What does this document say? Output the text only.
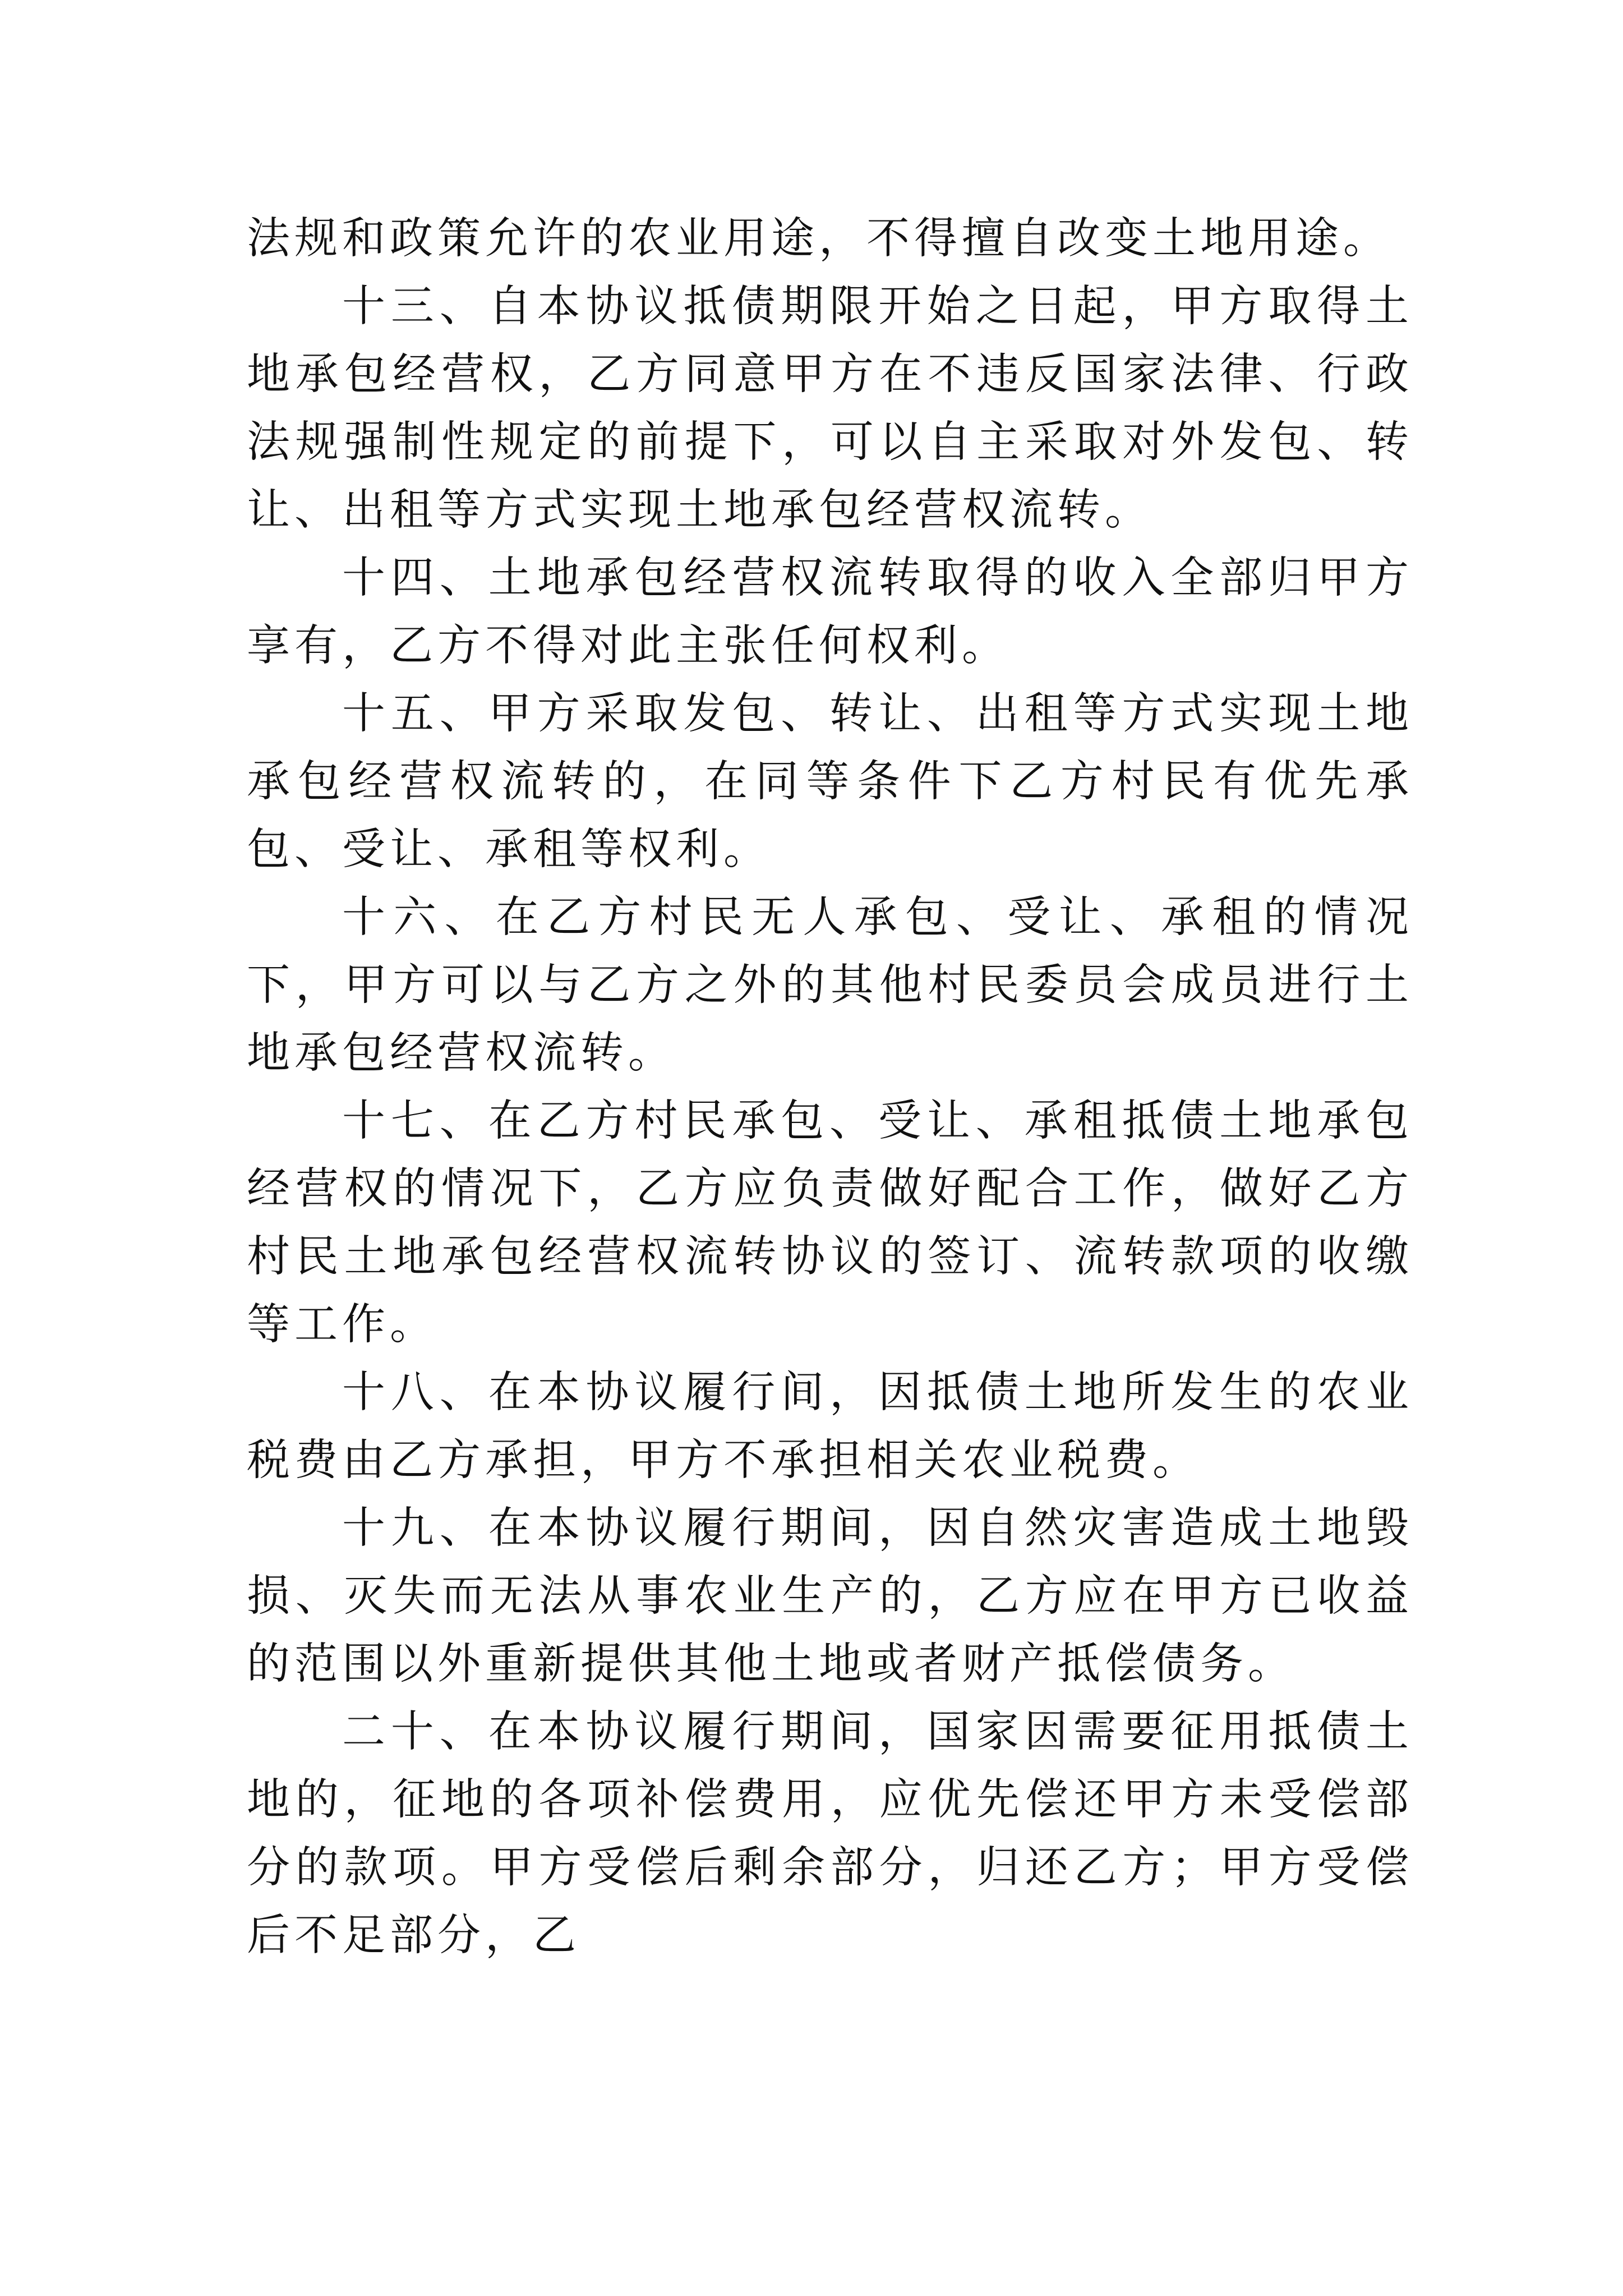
法规和政策允许的农业用途，不得擅自改变土地用途。

十三、自本协议抵债期限开始之日起，甲方取得土地承包经营权，乙方同意甲方在不违反国家法律、行政法规强制性规定的前提下，可以自主采取对外发包、转让、出租等方式实现土地承包经营权流转。

十四、土地承包经营权流转取得的收入全部归甲方享有，乙方不得对此主张任何权利。

十五、甲方采取发包、转让、出租等方式实现土地承包经营权流转的，在同等条件下乙方村民有优先承包、受让、承租等权利。

十六、在乙方村民无人承包、受让、承租的情况下，甲方可以与乙方之外的其他村民委员会成员进行土地承包经营权流转。

十七、在乙方村民承包、受让、承租抵债土地承包经营权的情况下，乙方应负责做好配合工作，做好乙方村民土地承包经营权流转协议的签订、流转款项的收缴等工作。

十八、在本协议履行间，因抵债土地所发生的农业税费由乙方承担，甲方不承担相关农业税费。

十九、在本协议履行期间，因自然灾害造成土地毁损、灭失而无法从事农业生产的，乙方应在甲方已收益的范围以外重新提供其他土地或者财产抵偿债务。

二十、在本协议履行期间，国家因需要征用抵债土地的，征地的各项补偿费用，应优先偿还甲方未受偿部分的款项。甲方受偿后剩余部分，归还乙方；甲方受偿后不足部分，乙
